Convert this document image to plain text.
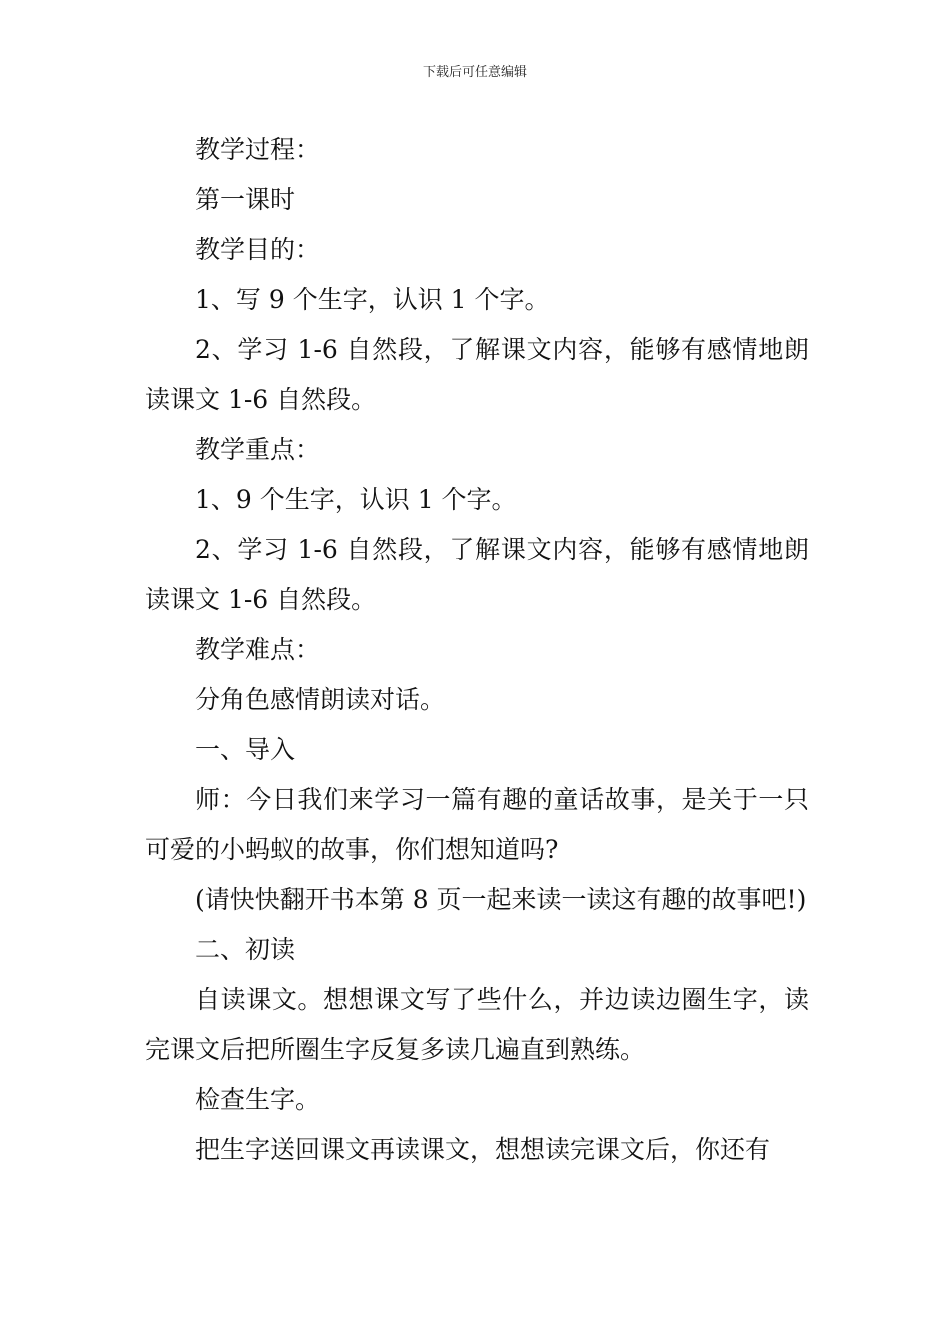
下载后可任意编辑

教学过程：

第一课时

教学目的：

1、写 9 个生字，认识 1 个字。

2、学习 1-6 自然段，了解课文内容，能够有感情地朗读课文 1-6 自然段。

教学重点：

1、9 个生字，认识 1 个字。

2、学习 1-6 自然段，了解课文内容，能够有感情地朗读课文 1-6 自然段。

教学难点：

分角色感情朗读对话。

一、导入

师：今日我们来学习一篇有趣的童话故事，是关于一只可爱的小蚂蚁的故事，你们想知道吗?

(请快快翻开书本第 8 页一起来读一读这有趣的故事吧!)

二、初读

自读课文。想想课文写了些什么，并边读边圈生字，读完课文后把所圈生字反复多读几遍直到熟练。

检查生字。

把生字送回课文再读课文，想想读完课文后，你还有
